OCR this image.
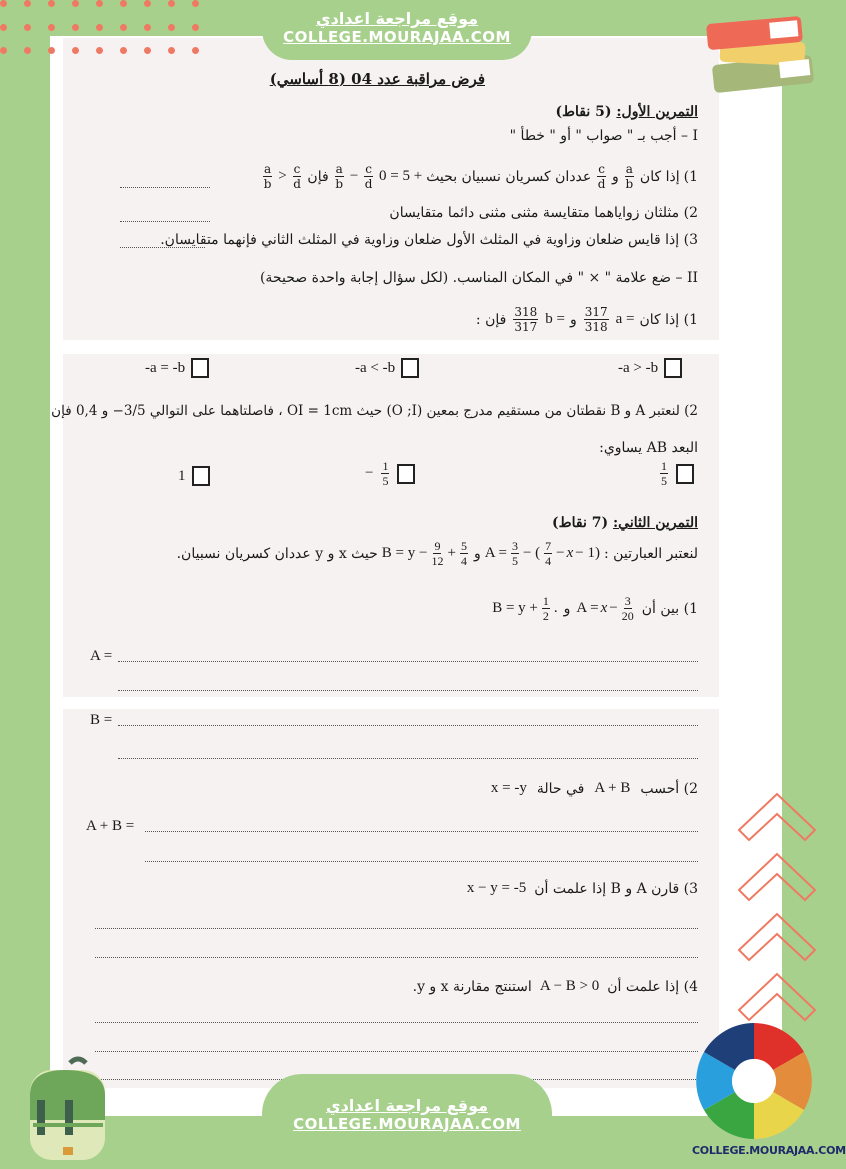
موقع مراجعة اعدادي
COLLEGE.MOURAJAA.COM
فرض مراقبة عدد 04 (8 أساسي)
التمرين الأول: (5 نقاط)
I – أجب بـ " صواب " أو " خطأ "
1)
إذا كان
$\frac{a}{b}$
و
$\frac{c}{d}$
عددان كسريان نسبيان بحيث
0 = 5 +
$\frac{c}{d}$
−
$\frac{a}{b}$
فإن
$\frac{c}{d}$
>
$\frac{a}{b}$
2) مثلثان زواياهما متقايسة مثنى مثنى دائما متقايسان
3) إذا قايس ضلعان وزاوية في المثلث الأول ضلعان وزاوية في المثلث الثاني فإنهما متقايسان.
II – ضع علامة " × " في المكان المناسب. (لكل سؤال إجابة واحدة صحيحة)
1) إذا كان
a =
$\frac{317}{318}$
و
b =
$\frac{318}{317}$
فإن :
-a > -b
-a < -b
-a = -b
2) لنعتبر A و B نقطتان من مستقيم مدرج بمعين (O ;I) حيث OI = 1cm ، فاصلتاهما على التوالي 3/5− و 0,4 فإن
البعد AB يساوي:
$\frac{1}{5}$
− $\frac{1}{5}$
1
التمرين الثاني: (7 نقاط)
لنعتبر العبارتين :
$A = \frac{3}{5}$ − ( $\frac{7}{4} - x - 1$)
و
$B = y - \frac{9}{12} + \frac{5}{4}$
حيث x و y عددان كسريان نسبيان.
1) بين أن
$A = x - \frac{3}{20}$
و
$B = y + \frac{1}{2}$ .
A =
B =
2) أحسب
A + B
في حالة
x = -y
A + B =
3) قارن A و B إذا علمت أن
x − y = -5
4) إذا علمت أن
A − B > 0
استنتج مقارنة x و y.
موقع مراجعة اعدادي
COLLEGE.MOURAJAA.COM
COLLEGE.MOURAJAA.COM
